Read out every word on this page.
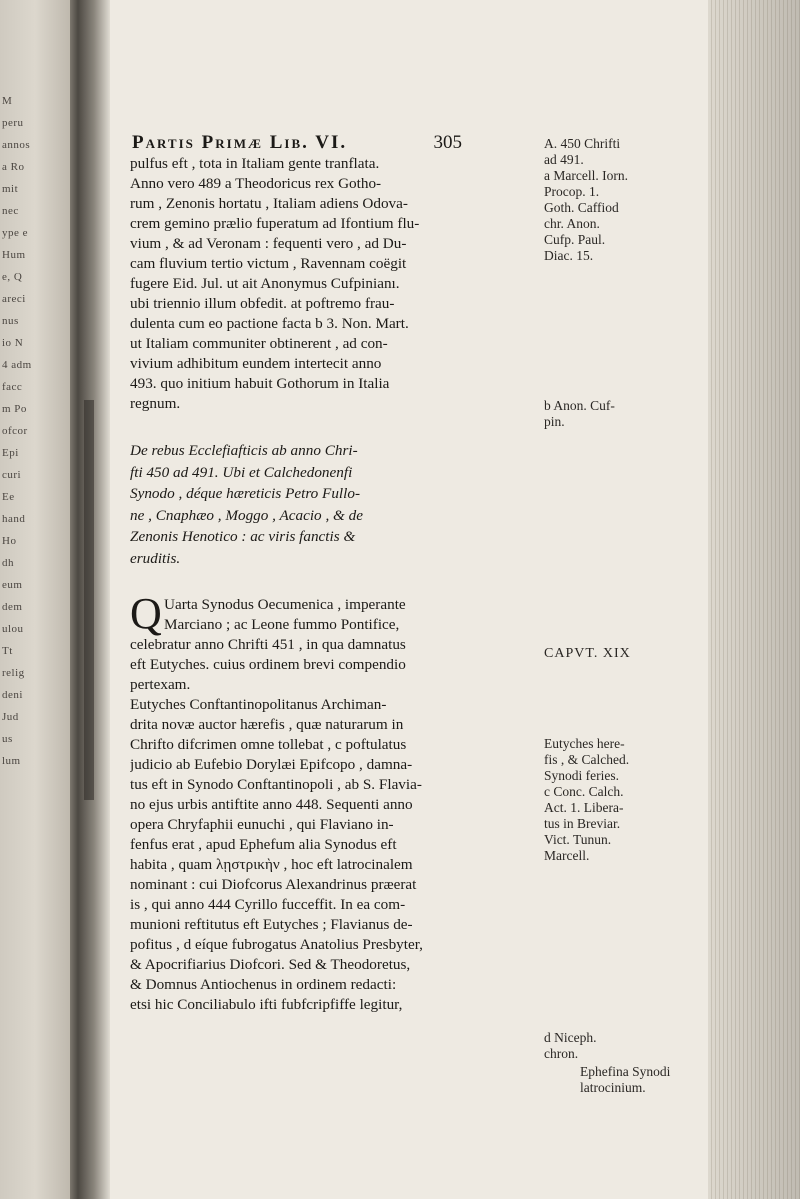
M
peru
annos
a Ro
mit
nec
ype e
Hum
e, Q
areci
nus
io N
4 adm
facc
m Po
ofcor
Epi
curi
Ee
hand
Ho
dh
eum
dem
ulou
Tt
relig
deni
Jud
us
lum
Partis Primæ Lib. VI.	305
pulfus eft , tota in Italiam gente tranflata.
Anno vero 489 a Theodoricus rex Gotho-
rum , Zenonis hortatu , Italiam adiens Odova-
crem gemino prælio fuperatum ad Ifontium flu-
vium , & ad Veronam : fequenti vero , ad Du-
cam fluvium tertio victum , Ravennam coëgit
fugere Eid. Jul. ut ait Anonymus Cufpinianı.
ubi triennio illum obfedit. at poftremo frau-
dulenta cum eo pactione facta b 3. Non. Mart.
ut Italiam communiter obtinerent , ad con-
vivium adhibitum eundem intertecit anno
493. quo initium habuit Gothorum in Italia
regnum.
De rebus Ecclefiafticis ab anno Chri-
fti 450 ad 491. Ubi et Calchedonenfi
Synodo , déque hæreticis Petro Fullo-
ne , Cnaphæo , Moggo , Acacio , & de
Zenonis Henotico : ac viris fanctis &
eruditis.
Q Uarta Synodus Oecumenica , imperante
Marciano ; ac Leone fummo Pontifice,
celebratur anno Chrifti 451 , in qua damnatus
eft Eutyches. cuius ordinem brevi compendio
pertexam.
Eutyches Conftantinopolitanus Archiman-
drita novæ auctor hærefis , quæ naturarum in
Chrifto difcrimen omne tollebat , c poftulatus
judicio ab Eufebio Dorylæi Epifcopo , damna-
tus eft in Synodo Conftantinopoli , ab S. Flavia-
no ejus urbis antiftite anno 448. Sequenti anno
opera Chryfaphii eunuchi , qui Flaviano in-
fenfus erat , apud Ephefum alia Synodus eft
habita , quam λῃστρικὴν , hoc eft latrocinalem
nominant : cui Diofcorus Alexandrinus præerat
is , qui anno 444 Cyrillo fucceffit. In ea com-
munioni reftitutus eft Eutyches ; Flavianus de-
pofitus , d eíque fubrogatus Anatolius Presbyter,
& Apocrifiarius Diofcori. Sed & Theodoretus,
& Domnus Antiochenus in ordinem redacti:
etsi hic Conciliabulo ifti fubfcripfiffe legitur,
A. 450 Chrifti
ad 491.
a Marcell. Iorn.
Procop. 1.
Goth. Caffiod
chr. Anon.
Cufp. Paul.
Diac. 15.
b Anon. Cuf-
pin.
CAPVT. XIX
Eutyches here-
fis , & Calched.
Synodi feries.
c Conc. Calch.
Act. 1. Libera-
tus in Breviar.
Vict. Tunun.
Marcell.
d Niceph.
chron.
Ephefina Synodi
latrocinium.
